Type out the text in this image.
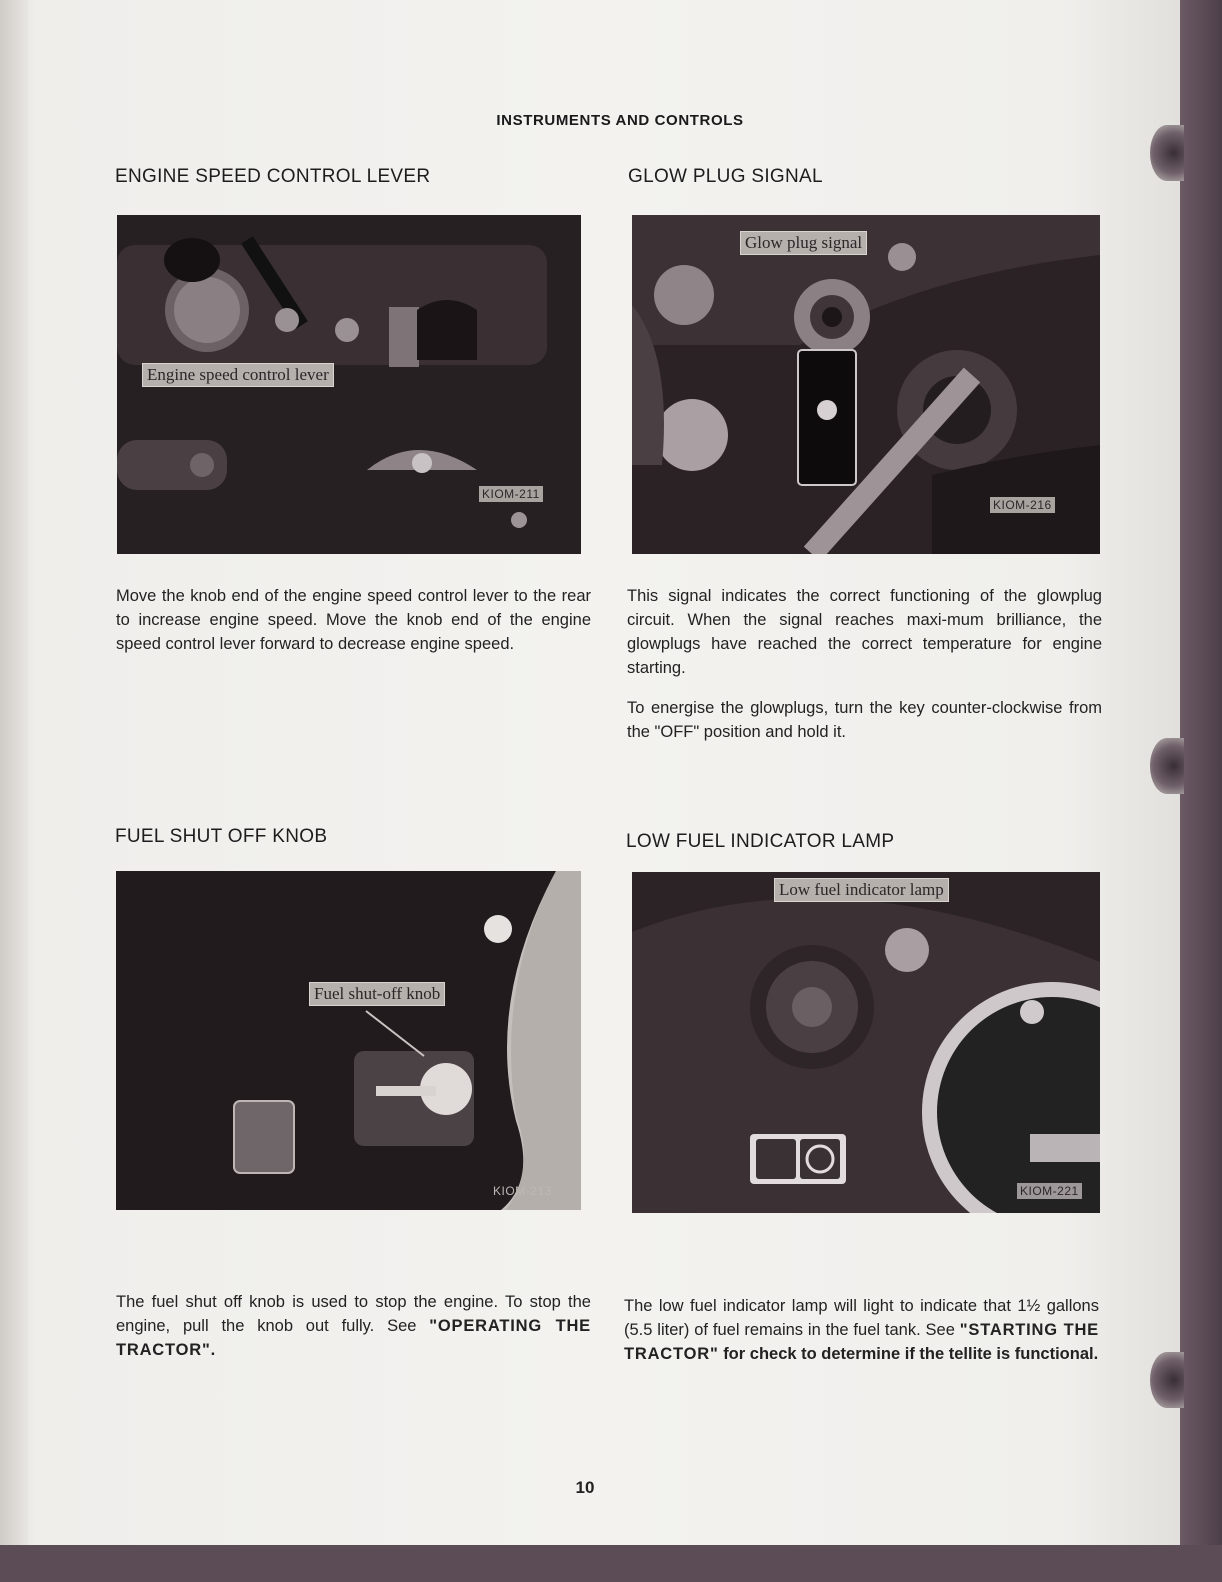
INSTRUMENTS AND CONTROLS
ENGINE SPEED CONTROL LEVER
Engine speed control lever
KIOM-211

Move the knob end of the engine speed control lever to the rear to increase engine speed. Move the knob end of the engine speed control lever forward to decrease engine speed.

GLOW PLUG SIGNAL
Glow plug signal
KIOM-216

This signal indicates the correct functioning of the glowplug circuit. When the signal reaches maxi-mum brilliance, the glowplugs have reached the correct temperature for engine starting.

To energise the glowplugs, turn the key counter-clockwise from the "OFF" position and hold it.

FUEL SHUT OFF KNOB
Fuel shut-off knob
KIOM-213

The fuel shut off knob is used to stop the engine. To stop the engine, pull the knob out fully. See "OPERATING THE TRACTOR".

LOW FUEL INDICATOR LAMP
Low fuel indicator lamp
KIOM-221

The low fuel indicator lamp will light to indicate that 1½ gallons (5.5 liter) of fuel remains in the fuel tank. See "STARTING THE TRACTOR" for check to determine if the tellite is functional.

10
